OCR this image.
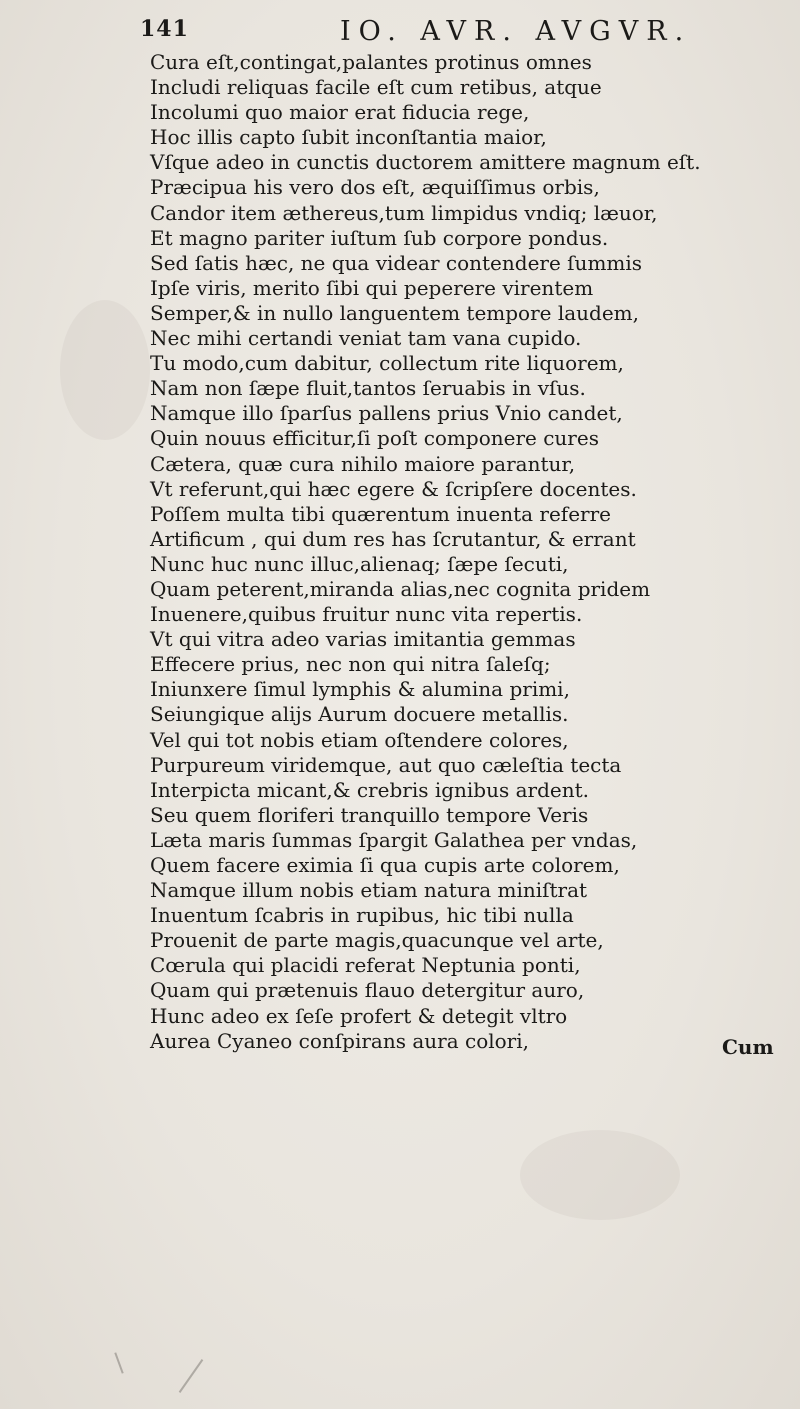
141	IO. AVR. AVGVR.
Cura eſt,contingat,palantes protinus omnes
Includi reliquas facile eſt cum retibus, atque
Incolumi quo maior erat fiducia rege,
Hoc illis capto ſubit inconſtantia maior,
Vſque adeo in cunctis ductorem amittere magnum eſt.
Præcipua his vero dos eſt, æquiſſimus orbis,
Candor item æthereus,tum limpidus vndiq; læuor,
Et magno pariter iuſtum ſub corpore pondus.
Sed ſatis hæc, ne qua videar contendere ſummis
Ipſe viris, merito ſibi qui peperere virentem
Semper,& in nullo languentem tempore laudem,
Nec mihi certandi veniat tam vana cupido.
Tu modo,cum dabitur, collectum rite liquorem,
Nam non ſæpe fluit,tantos ſeruabis in vſus.
Namque illo ſparſus pallens prius Vnio candet,
Quin nouus efficitur,ſi poſt componere cures
Cætera, quæ cura nihilo maiore parantur,
Vt referunt,qui hæc egere & ſcripſere docentes.
Poſſem multa tibi quærentum inuenta referre
Artificum , qui dum res has ſcrutantur, & errant
Nunc huc nunc illuc,alienaq; ſæpe ſecuti,
Quam peterent,miranda alias,nec cognita pridem
Inuenere,quibus fruitur nunc vita repertis.
Vt qui vitra adeo varias imitantia gemmas
Effecere prius, nec non qui nitra ſaleſq;
Iniunxere ſimul lymphis & alumina primi,
Seiungique alijs Aurum docuere metallis.
Vel qui tot nobis etiam oſtendere colores,
Purpureum viridemque, aut quo cæleſtia tecta
Interpicta micant,& crebris ignibus ardent.
Seu quem floriferi tranquillo tempore Veris
Læta maris ſummas ſpargit Galathea per vndas,
Quem facere eximia ſi qua cupis arte colorem,
Namque illum nobis etiam natura miniſtrat
Inuentum ſcabris in rupibus, hic tibi nulla
Prouenit de parte magis,quacunque vel arte,
Cœrula qui placidi referat Neptunia ponti,
Quam qui prætenuis flauo detergitur auro,
Hunc adeo ex ſeſe profert & detegit vltro
Aurea Cyaneo conſpirans aura colori,	Cum
